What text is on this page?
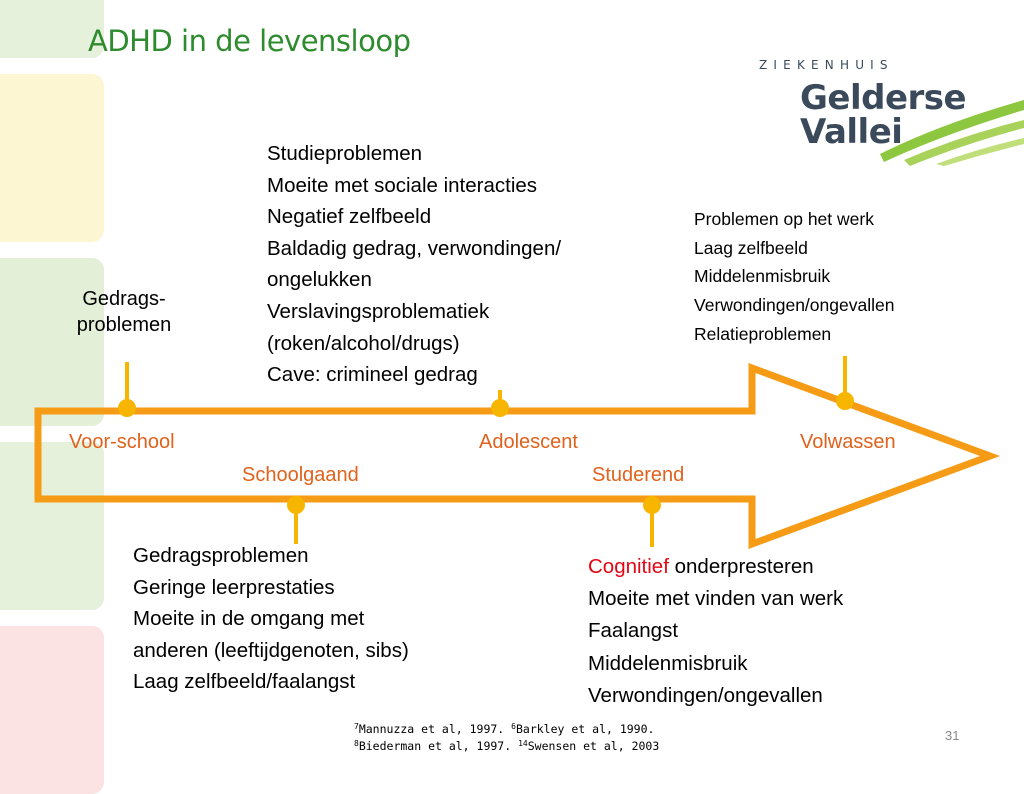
ADHD in de levensloop
ZIEKENHUIS
Gelderse
Vallei
Voor-school
Schoolgaand
Adolescent
Studerend
Volwassen
Gedrags-
problemen
Studieproblemen
Moeite met sociale interacties
Negatief zelfbeeld
Baldadig gedrag, verwondingen/
ongelukken
Verslavingsproblematiek
(roken/alcohol/drugs)
Cave: crimineel gedrag
Problemen op het werk
Laag zelfbeeld
Middelenmisbruik
Verwondingen/ongevallen
Relatieproblemen
Gedragsproblemen
Geringe leerprestaties
Moeite in de omgang met
anderen (leeftijdgenoten, sibs)
Laag zelfbeeld/faalangst
Cognitief onderpresteren
Moeite met vinden van werk
Faalangst
Middelenmisbruik
Verwondingen/ongevallen
$^7$Mannuzza et al, 1997. $^6$Barkley et al, 1990.
$^8$Biederman et al, 1997. $^{14}$Swensen et al, 2003
31
